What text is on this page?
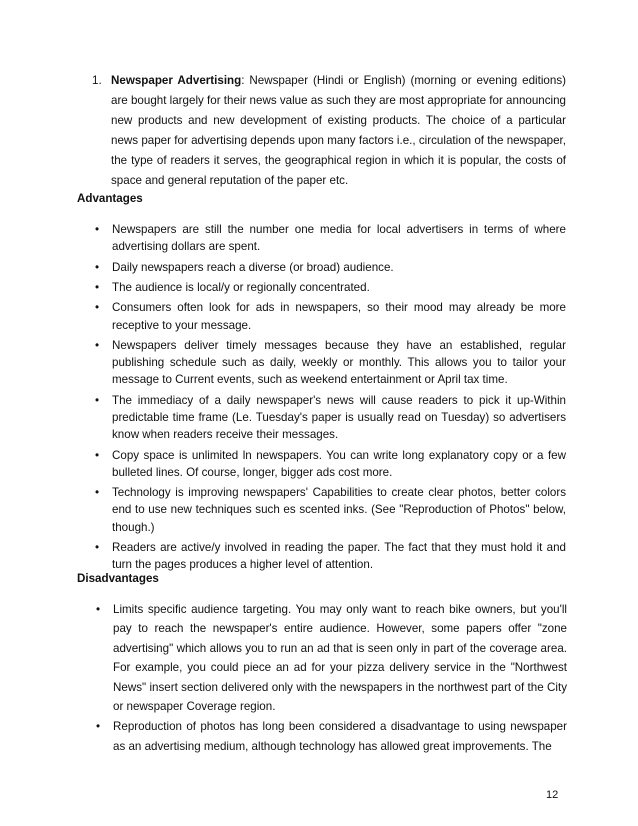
1. Newspaper Advertising: Newspaper (Hindi or English) (morning or evening editions) are bought largely for their news value as such they are most appropriate for announcing new products and new development of existing products. The choice of a particular news paper for advertising depends upon many factors i.e., circulation of the newspaper, the type of readers it serves, the geographical region in which it is popular, the costs of space and general reputation of the paper etc.
Advantages
• Newspapers are still the number one media for local advertisers in terms of where advertising dollars are spent.
• Daily newspapers reach a diverse (or broad) audience.
• The audience is local/y or regionally concentrated.
• Consumers often look for ads in newspapers, so their mood may already be more receptive to your message.
• Newspapers deliver timely messages because they have an established, regular publishing schedule such as daily, weekly or monthly. This allows you to tailor your message to Current events, such as weekend entertainment or April tax time.
• The immediacy of a daily newspaper's news will cause readers to pick it up-Within predictable time frame (Le. Tuesday's paper is usually read on Tuesday) so advertisers know when readers receive their messages.
• Copy space is unlimited ln newspapers. You can write long explanatory copy or a few bulleted lines. Of course, longer, bigger ads cost more.
• Technology is improving newspapers' Capabilities to create clear photos, better colors end to use new techniques such es scented inks. (See "Reproduction of Photos" below, though.)
• Readers are active/y involved in reading the paper. The fact that they must hold it and turn the pages produces a higher level of attention.
Disadvantages
• Limits specific audience targeting. You may only want to reach bike owners, but you'll pay to reach the newspaper's entire audience. However, some papers offer "zone advertising" which allows you to run an ad that is seen only in part of the coverage area. For example, you could piece an ad for your pizza delivery service in the "Northwest News" insert section delivered only with the newspapers in the northwest part of the City or newspaper Coverage region.
• Reproduction of photos has long been considered a disadvantage to using newspaper as an advertising medium, although technology has allowed great improvements. The
12
